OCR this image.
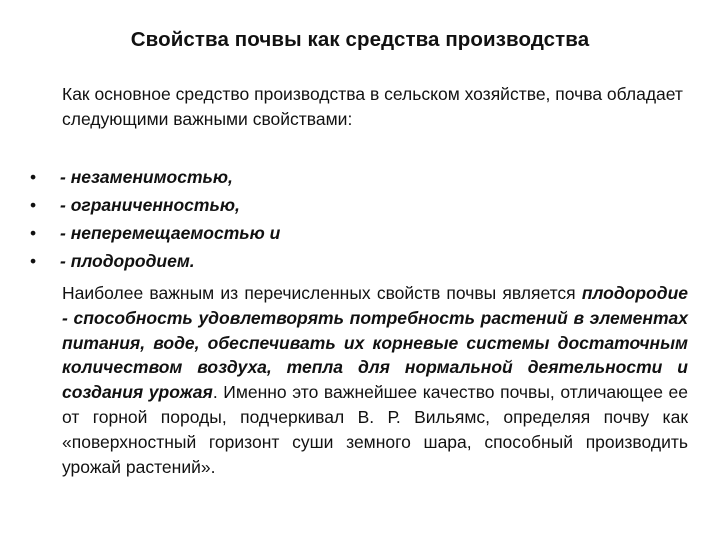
Свойства почвы как средства производства
Как основное средство производства в сельском хозяйстве, почва обладает следующими важными свойствами:
• - незаменимостью,
• - ограниченностью,
• - неперемещаемостью и
• - плодородием.
Наиболее важным из перечисленных свойств почвы является плодородие - способность удовлетворять потребность растений в элементах питания, воде, обеспечивать их корневые системы достаточным количеством воздуха, тепла для нормальной деятельности и создания урожая. Именно это важнейшее качество почвы, отличающее ее от горной породы, подчеркивал В. Р. Вильямс, определяя почву как «поверхностный горизонт суши земного шара, способный производить урожай растений».
